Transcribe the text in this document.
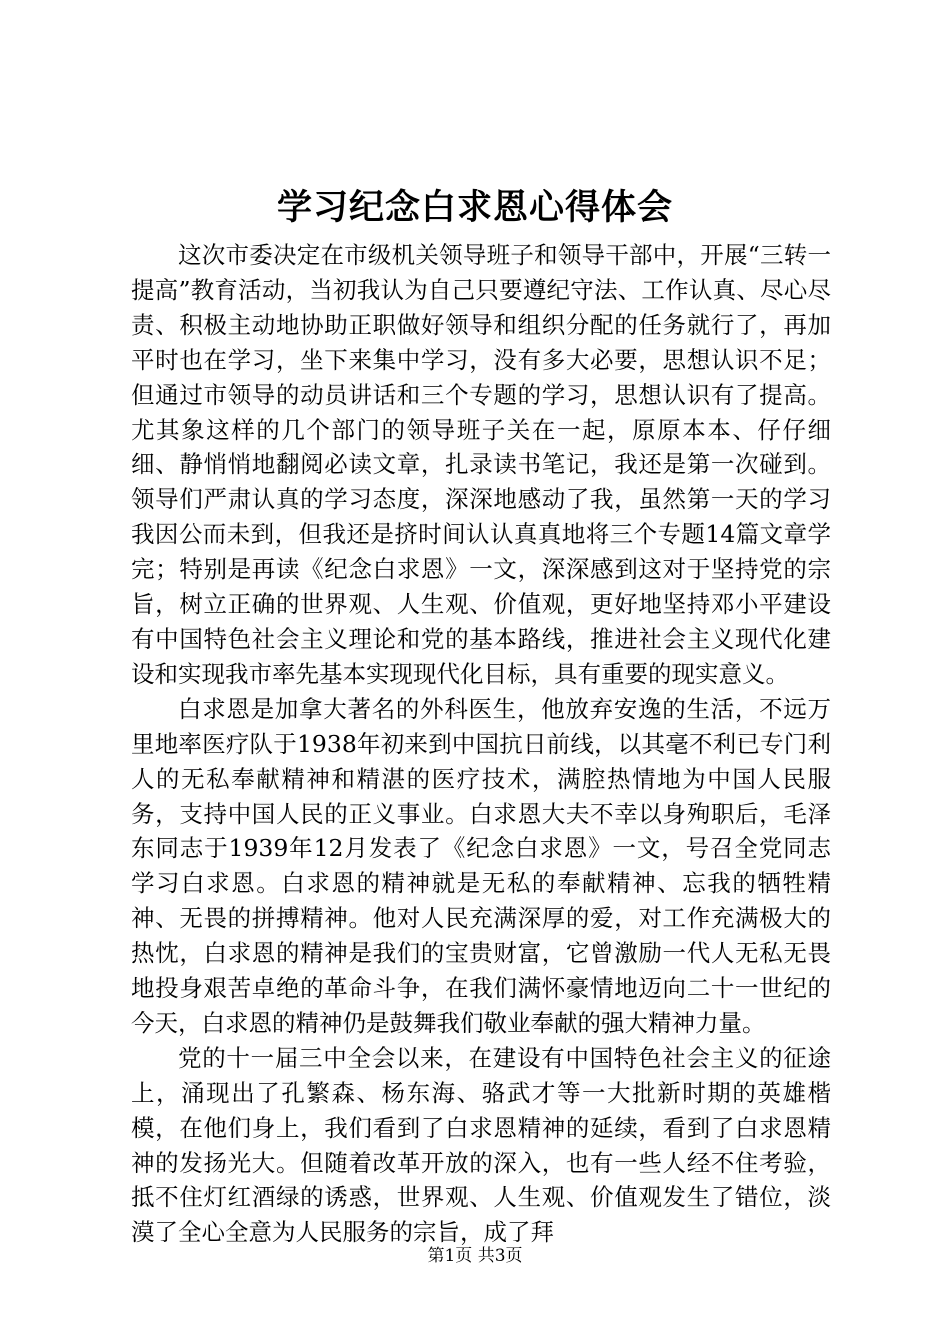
学习纪念白求恩心得体会

这次市委决定在市级机关领导班子和领导干部中，开展“三转一提高”教育活动，当初我认为自己只要遵纪守法、工作认真、尽心尽责、积极主动地协助正职做好领导和组织分配的任务就行了，再加平时也在学习，坐下来集中学习，没有多大必要，思想认识不足；但通过市领导的动员讲话和三个专题的学习，思想认识有了提高。尤其象这样的几个部门的领导班子关在一起，原原本本、仔仔细细、静悄悄地翻阅必读文章，扎录读书笔记，我还是第一次碰到。领导们严肃认真的学习态度，深深地感动了我，虽然第一天的学习我因公而未到，但我还是挤时间认认真真地将三个专题14篇文章学完；特别是再读《纪念白求恩》一文，深深感到这对于坚持党的宗旨，树立正确的世界观、人生观、价值观，更好地坚持邓小平建设有中国特色社会主义理论和党的基本路线，推进社会主义现代化建设和实现我市率先基本实现现代化目标，具有重要的现实意义。

白求恩是加拿大著名的外科医生，他放弃安逸的生活，不远万里地率医疗队于1938年初来到中国抗日前线，以其毫不利已专门利人的无私奉献精神和精湛的医疗技术，满腔热情地为中国人民服务，支持中国人民的正义事业。白求恩大夫不幸以身殉职后，毛泽东同志于1939年12月发表了《纪念白求恩》一文，号召全党同志学习白求恩。白求恩的精神就是无私的奉献精神、忘我的牺牲精神、无畏的拼搏精神。他对人民充满深厚的爱，对工作充满极大的热忱，白求恩的精神是我们的宝贵财富，它曾激励一代人无私无畏地投身艰苦卓绝的革命斗争，在我们满怀豪情地迈向二十一世纪的今天，白求恩的精神仍是鼓舞我们敬业奉献的强大精神力量。

党的十一届三中全会以来，在建设有中国特色社会主义的征途上，涌现出了孔繁森、杨东海、骆武才等一大批新时期的英雄楷模，在他们身上，我们看到了白求恩精神的延续，看到了白求恩精神的发扬光大。但随着改革开放的深入，也有一些人经不住考验，抵不住灯红酒绿的诱惑，世界观、人生观、价值观发生了错位，淡漠了全心全意为人民服务的宗旨，成了拜

第1页 共3页
